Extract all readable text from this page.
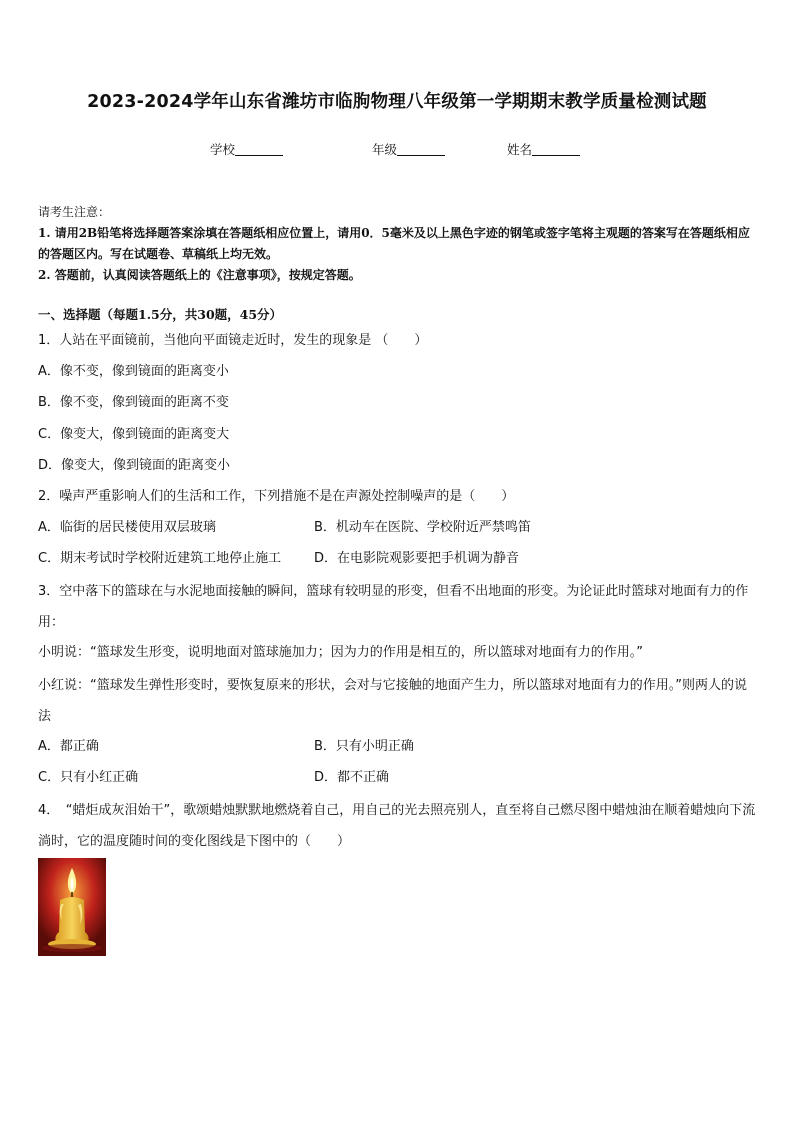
2023-2024学年山东省潍坊市临朐物理八年级第一学期期末教学质量检测试题
学校	年级	姓名
请考生注意：
1. 请用2B铅笔将选择题答案涂填在答题纸相应位置上，请用0．5毫米及以上黑色字迹的钢笔或签字笔将主观题的答案写在答题纸相应的答题区内。写在试题卷、草稿纸上均无效。
2. 答题前，认真阅读答题纸上的《注意事项》，按规定答题。
一、选择题（每题1.5分，共30题，45分）
1．人站在平面镜前，当他向平面镜走近时，发生的现象是 （　　）
A．像不变，像到镜面的距离变小
B．像不变，像到镜面的距离不变
C．像变大，像到镜面的距离变大
D．像变大，像到镜面的距离变小
2．噪声严重影响人们的生活和工作，下列措施不是在声源处控制噪声的是（　　）
A．临街的居民楼使用双层玻璃	B．机动车在医院、学校附近严禁鸣笛
C．期末考试时学校附近建筑工地停止施工	D．在电影院观影要把手机调为静音
3．空中落下的篮球在与水泥地面接触的瞬间，篮球有较明显的形变，但看不出地面的形变。为论证此时篮球对地面有力的作用：
小明说：“篮球发生形变，说明地面对篮球施加力；因为力的作用是相互的，所以篮球对地面有力的作用。”
小红说：“篮球发生弹性形变时，要恢复原来的形状，会对与它接触的地面产生力，所以篮球对地面有力的作用。”则两人的说法
A．都正确	B．只有小明正确
C．只有小红正确	D．都不正确
4．　“蜡炬成灰泪始干”，歌颂蜡烛默默地燃烧着自己，用自己的光去照亮别人，直至将自己燃尽图中蜡烛油在顺着蜡烛向下流淌时，它的温度随时间的变化图线是下图中的（　　）
